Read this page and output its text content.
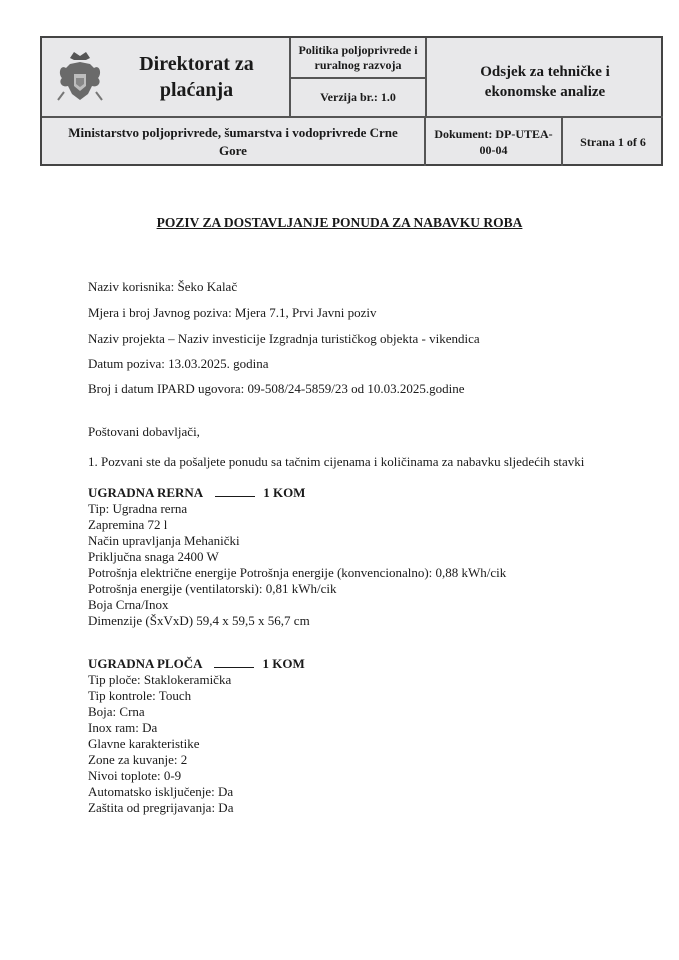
Direktorat za
plaćanja
Politika poljoprivrede i
ruralnog razvoja
Verzija br.: 1.0
Odsjek za tehničke i
ekonomske analize
Ministarstvo poljoprivrede, šumarstva i vodoprivrede Crne
Gore
Dokument: DP-UTEA-
00-04
Strana 1 of 6
POZIV ZA DOSTAVLJANJE PONUDA ZA NABAVKU ROBA
Naziv korisnika: Šeko Kalač
Mjera i broj Javnog poziva: Mjera 7.1, Prvi Javni poziv
Naziv projekta – Naziv investicije Izgradnja turističkog objekta - vikendica
Datum poziva: 13.03.2025. godina
Broj i datum IPARD ugovora: 09-508/24-5859/23 od 10.03.2025.godine
Poštovani dobavljači,
1. Pozvani ste da pošaljete ponudu sa tačnim cijenama i količinama za nabavku sljedećih stavki
UGRADNA RERNA	1 KOM
Tip: Ugradna rerna
Zapremina 72 l
Način upravljanja Mehanički
Priključna snaga 2400 W
Potrošnja električne energije Potrošnja energije (konvencionalno): 0,88 kWh/cik
Potrošnja energije (ventilatorski): 0,81 kWh/cik
Boja Crna/Inox
Dimenzije (ŠxVxD) 59,4 x 59,5 x 56,7 cm
UGRADNA PLOČA	1 KOM
Tip ploče: Staklokeramička
Tip kontrole: Touch
Boja: Crna
Inox ram: Da
Glavne karakteristike
Zone za kuvanje: 2
Nivoi toplote: 0-9
Automatsko isključenje: Da
Zaštita od pregrijavanja: Da
